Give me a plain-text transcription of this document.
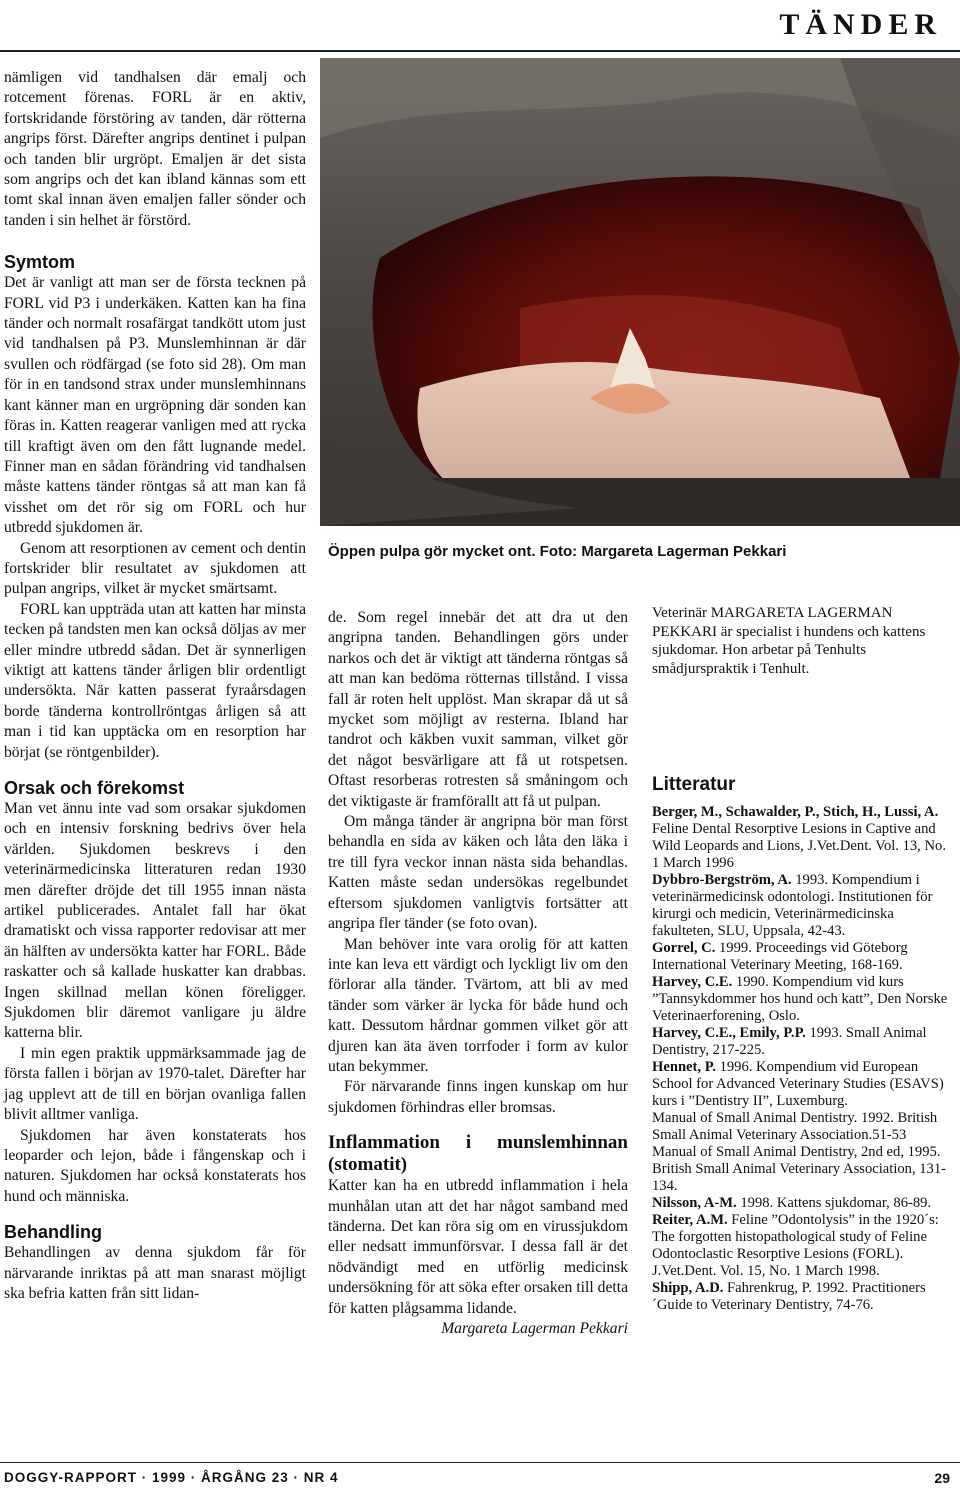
TÄNDER

nämligen vid tandhalsen där emalj och rotcement förenas. FORL är en aktiv, fortskridande förstöring av tanden, där rötterna angrips först. Därefter angrips dentinet i pulpan och tanden blir urgröpt. Emaljen är det sista som angrips och det kan ibland kännas som ett tomt skal innan även emaljen faller sönder och tanden i sin helhet är förstörd.

Symtom

Det är vanligt att man ser de första tecknen på FORL vid P3 i underkäken. Katten kan ha fina tänder och normalt rosafärgat tandkött utom just vid tandhalsen på P3. Munslemhinnan är där svullen och rödfärgad (se foto sid 28). Om man för in en tandsond strax under munslemhinnans kant känner man en urgröpning där sonden kan föras in. Katten reagerar vanligen med att rycka till kraftigt även om den fått lugnande medel. Finner man en sådan förändring vid tandhalsen måste kattens tänder röntgas så att man kan få visshet om det rör sig om FORL och hur utbredd sjukdomen är.

Genom att resorptionen av cement och dentin fortskrider blir resultatet av sjukdomen att pulpan angrips, vilket är mycket smärtsamt.

FORL kan uppträda utan att katten har minsta tecken på tandsten men kan också döljas av mer eller mindre utbredd sådan. Det är synnerligen viktigt att kattens tänder årligen blir ordentligt undersökta. När katten passerat fyraårsdagen borde tänderna kontrollröntgas årligen så att man i tid kan upptäcka om en resorption har börjat (se röntgenbilder).

Orsak och förekomst

Man vet ännu inte vad som orsakar sjukdomen och en intensiv forskning bedrivs över hela världen. Sjukdomen beskrevs i den veterinärmedicinska litteraturen redan 1930 men därefter dröjde det till 1955 innan nästa artikel publicerades. Antalet fall har ökat dramatiskt och vissa rapporter redovisar att mer än hälften av undersökta katter har FORL. Både raskatter och så kallade huskatter kan drabbas. Ingen skillnad mellan könen föreligger. Sjukdomen blir däremot vanligare ju äldre katterna blir.

I min egen praktik uppmärksammade jag de första fallen i början av 1970-talet. Därefter har jag upplevt att de till en början ovanliga fallen blivit alltmer vanliga.

Sjukdomen har även konstaterats hos leoparder och lejon, både i fångenskap och i naturen. Sjukdomen har också konstaterats hos hund och människa.

Behandling

Behandlingen av denna sjukdom får för närvarande inriktas på att man snarast möjligt ska befria katten från sitt lidan-

Öppen pulpa gör mycket ont. Foto: Margareta Lagerman Pekkari

de. Som regel innebär det att dra ut den angripna tanden. Behandlingen görs under narkos och det är viktigt att tänderna röntgas så att man kan bedöma rötternas tillstånd. I vissa fall är roten helt upplöst. Man skrapar då ut så mycket som möjligt av resterna. Ibland har tandrot och käkben vuxit samman, vilket gör det något besvärligare att få ut rotspetsen. Oftast resorberas rotresten så småningom och det viktigaste är framförallt att få ut pulpan.

Om många tänder är angripna bör man först behandla en sida av käken och låta den läka i tre till fyra veckor innan nästa sida behandlas. Katten måste sedan undersökas regelbundet eftersom sjukdomen vanligtvis fortsätter att angripa fler tänder (se foto ovan).

Man behöver inte vara orolig för att katten inte kan leva ett värdigt och lyckligt liv om den förlorar alla tänder. Tvärtom, att bli av med tänder som värker är lycka för både hund och katt. Dessutom hårdnar gommen vilket gör att djuren kan äta även torrfoder i form av kulor utan bekymmer.

För närvarande finns ingen kunskap om hur sjukdomen förhindras eller bromsas.

Inflammation i munslemhinnan (stomatit)

Katter kan ha en utbredd inflammation i hela munhålan utan att det har något samband med tänderna. Det kan röra sig om en virussjukdom eller nedsatt immunförsvar. I dessa fall är det nödvändigt med en utförlig medicinsk undersökning för att söka efter orsaken till detta för katten plågsamma lidande.

Margareta Lagerman Pekkari

Veterinär MARGARETA LAGERMAN PEKKARI är specialist i hundens och kattens sjukdomar. Hon arbetar på Tenhults smådjurspraktik i Tenhult.

Litteratur

Berger, M., Schawalder, P., Stich, H., Lussi, A. Feline Dental Resorptive Lesions in Captive and Wild Leopards and Lions, J.Vet.Dent. Vol. 13, No. 1 March 1996

Dybbro-Bergström, A. 1993. Kompendium i veterinärmedicinsk odontologi. Institutionen för kirurgi och medicin, Veterinärmedicinska fakulteten, SLU, Uppsala, 42-43.

Gorrel, C. 1999. Proceedings vid Göteborg International Veterinary Meeting, 168-169.

Harvey, C.E. 1990. Kompendium vid kurs ”Tannsykdommer hos hund och katt”, Den Norske Veterinaerforening, Oslo.

Harvey, C.E., Emily, P.P. 1993. Small Animal Dentistry, 217-225.

Hennet, P. 1996. Kompendium vid European School for Advanced Veterinary Studies (ESAVS) kurs i ”Dentistry II”, Luxemburg.

Manual of Small Animal Dentistry. 1992. British Small Animal Veterinary Association.51-53

Manual of Small Animal Dentistry, 2nd ed, 1995. British Small Animal Veterinary Association, 131-134.

Nilsson, A-M. 1998. Kattens sjukdomar, 86-89.

Reiter, A.M. Feline ”Odontolysis” in the 1920´s: The forgotten histopathological study of Feline Odontoclastic Resorptive Lesions (FORL). J.Vet.Dent. Vol. 15, No. 1 March 1998.

Shipp, A.D. Fahrenkrug, P. 1992. Practitioners´Guide to Veterinary Dentistry, 74-76.

DOGGY-RAPPORT · 1999 · ÅRGÅNG 23 · NR 4	29
